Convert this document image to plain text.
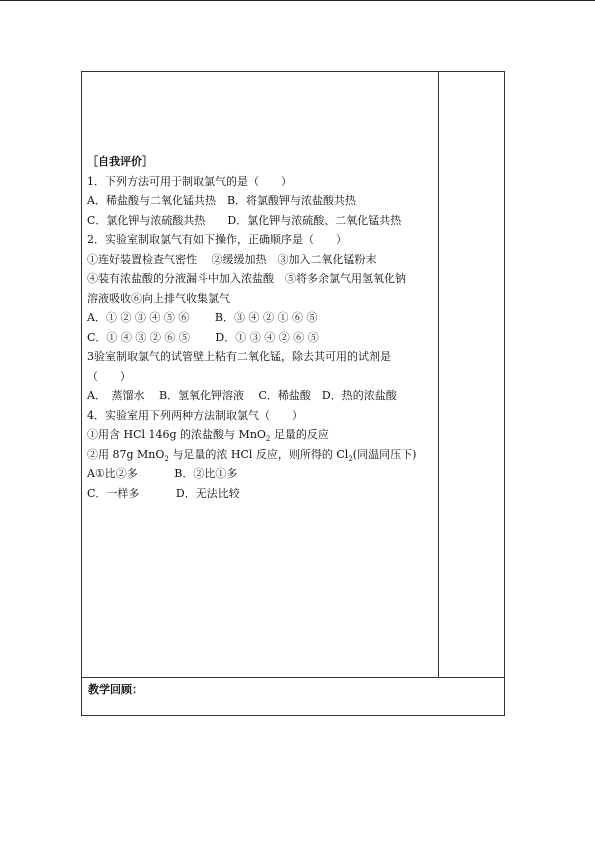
［自我评价］
1．下列方法可用于制取氯气的是（　　）
A．稀盐酸与二氧化锰共热　B．将氯酸钾与浓盐酸共热
C．氯化钾与浓硫酸共热　　D．氯化钾与浓硫酸、二氧化锰共热
2．实验室制取氯气有如下操作，正确顺序是（　　）
①连好装置检查气密性　 ②缓缓加热　③加入二氧化锰粉末
④装有浓盐酸的分液漏斗中加入浓盐酸　⑤将多余氯气用氢氧化钠
溶液吸收⑥向上排气收集氯气
A．① ② ③ ④ ⑤ ⑥　　 B．③ ④ ② ① ⑥ ⑤
C．① ④ ③ ② ⑥ ⑤　　 D．① ③ ④ ② ⑥ ⑤
3验室制取氯气的试管壁上粘有二氧化锰，除去其可用的试剂是
（　　）
A．　蒸馏水　 B．氢氧化钾溶液　 C．稀盐酸　D．热的浓盐酸
4．实验室用下列两种方法制取氯气（　　）
①用含 HCl 146g 的浓盐酸与 MnO$_2$ 足量的反应
②用 87g MnO$_2$ 与足量的浓 HCl 反应，则所得的 $Cl_2$(同温同压下)
A①比②多　　　 B．②比①多
C．一样多　　　 D．无法比较
教学回顾：
